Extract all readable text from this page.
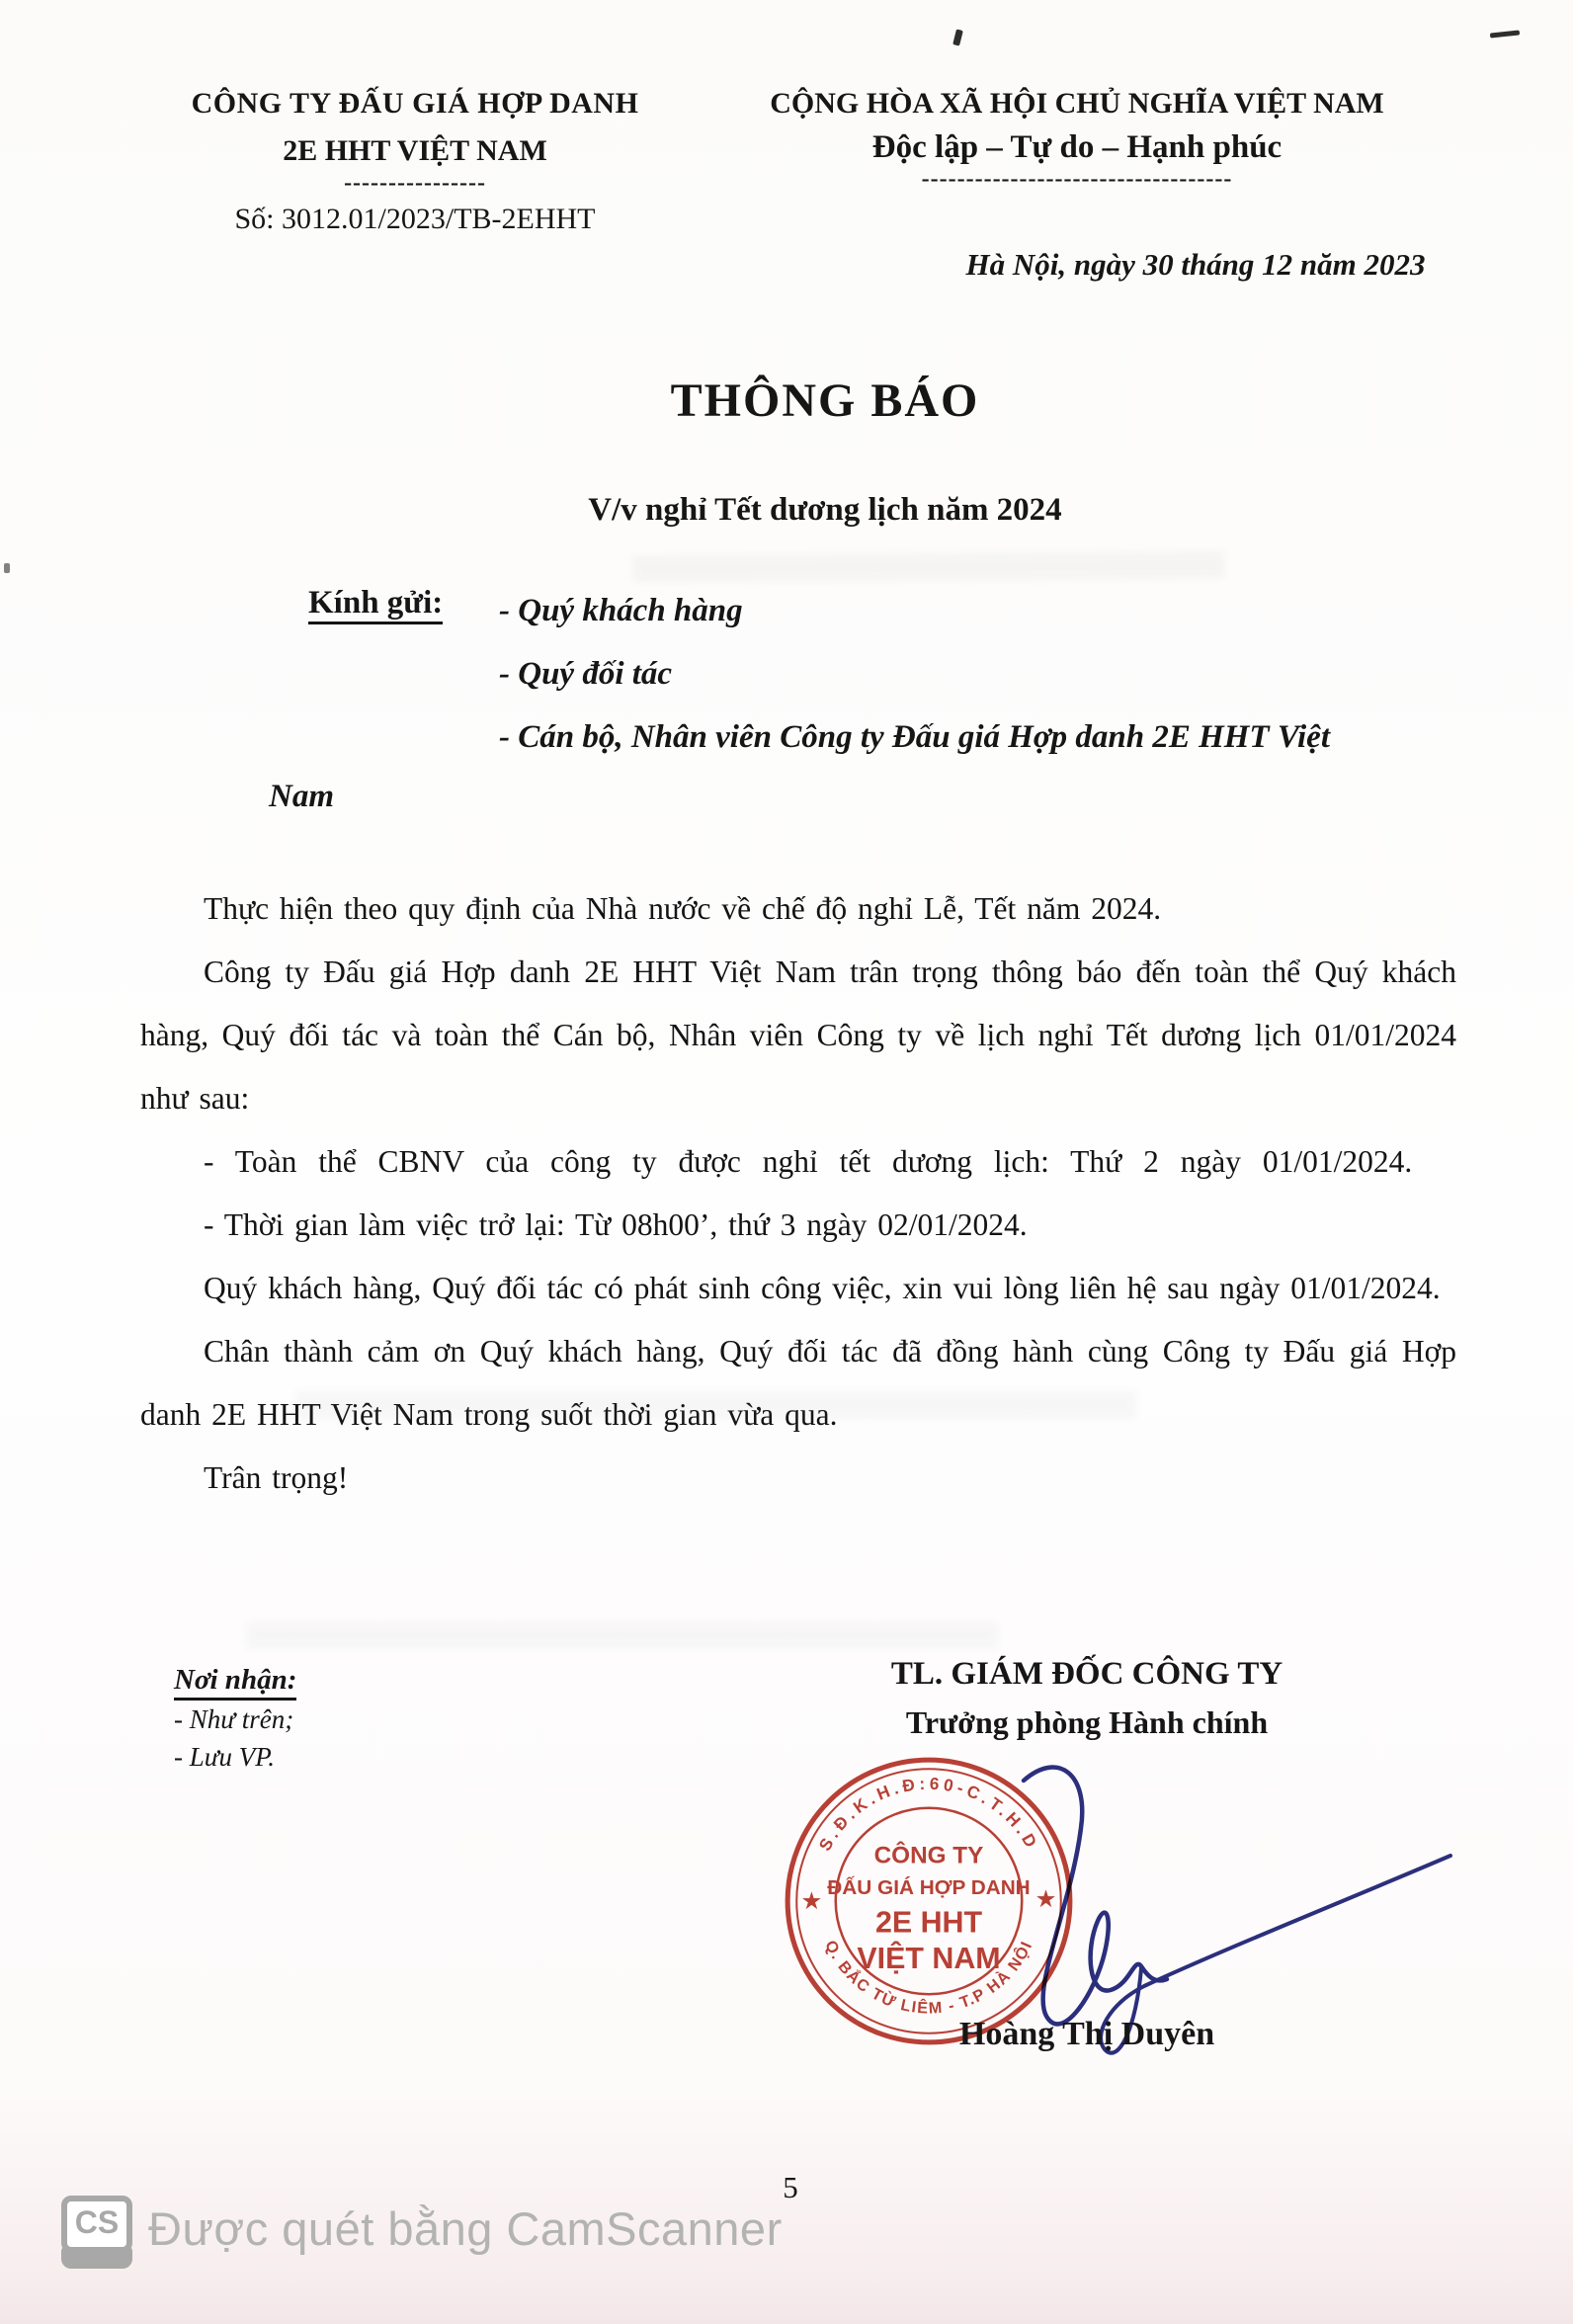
CÔNG TY ĐẤU GIÁ HỢP DANH
2E HHT VIỆT NAM
----------------
Số: 3012.01/2023/TB-2EHHT
CỘNG HÒA XÃ HỘI CHỦ NGHĨA VIỆT NAM
Độc lập – Tự do – Hạnh phúc
-----------------------------------
Hà Nội, ngày 30 tháng 12 năm 2023
THÔNG BÁO
V/v nghỉ Tết dương lịch năm 2024
Kính gửi: - Quý khách hàng
- Quý đối tác
- Cán bộ, Nhân viên Công ty Đấu giá Hợp danh 2E HHT Việt
Nam

Thực hiện theo quy định của Nhà nước về chế độ nghỉ Lễ, Tết năm 2024.

Công ty Đấu giá Hợp danh 2E HHT Việt Nam trân trọng thông báo đến toàn thể Quý khách hàng, Quý đối tác và toàn thể Cán bộ, Nhân viên Công ty về lịch nghỉ Tết dương lịch 01/01/2024 như sau:

- Toàn thể CBNV của công ty được nghỉ tết dương lịch: Thứ 2 ngày 01/01/2024.

- Thời gian làm việc trở lại: Từ 08h00’, thứ 3 ngày 02/01/2024.

Quý khách hàng, Quý đối tác có phát sinh công việc, xin vui lòng liên hệ sau ngày 01/01/2024.

Chân thành cảm ơn Quý khách hàng, Quý đối tác đã đồng hành cùng Công ty Đấu giá Hợp danh 2E HHT Việt Nam trong suốt thời gian vừa qua.

Trân trọng!

Nơi nhận:
- Như trên;
- Lưu VP.
TL. GIÁM ĐỐC CÔNG TY
Trưởng phòng Hành chính
S.Đ.K.H.Đ:60-C.T.H.D
Q. BẮC TỪ LIÊM - T.P HÀ NỘI
★	★
CÔNG TY
ĐẤU GIÁ HỢP DANH
2E HHT
VIỆT NAM
Hoàng Thị Duyên
5
CS Được quét bằng CamScanner
